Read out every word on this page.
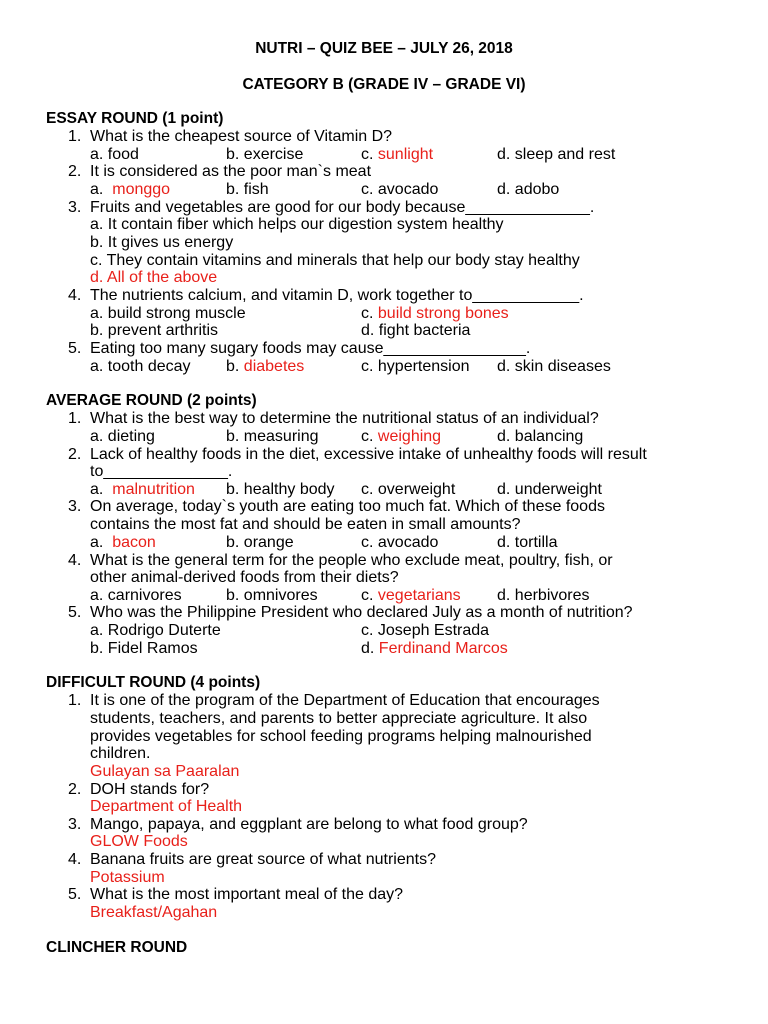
NUTRI – QUIZ BEE – JULY 26, 2018
CATEGORY B (GRADE IV – GRADE VI)
ESSAY ROUND (1 point)
1. What is the cheapest source of Vitamin D?
a. food	b. exercise	c. sunlight	d. sleep and rest
2. It is considered as the poor man`s meat
a. monggo	b. fish	c. avocado	d. adobo
3. Fruits and vegetables are good for our body because______________.
a. It contain fiber which helps our digestion system healthy
b. It gives us energy
c. They contain vitamins and minerals that help our body stay healthy
d. All of the above
4. The nutrients calcium, and vitamin D, work together to____________.
a. build strong muscle	c. build strong bones
b. prevent arthritis	d. fight bacteria
5. Eating too many sugary foods may cause________________.
a. tooth decay b. diabetes	c. hypertension d. skin diseases
AVERAGE ROUND (2 points)
1. What is the best way to determine the nutritional status of an individual?
a. dieting	b. measuring	c. weighing	d. balancing
2. Lack of healthy foods in the diet, excessive intake of unhealthy foods will result
to______________.
a. malnutrition b. healthy body c. overweight	d. underweight
3. On average, today`s youth are eating too much fat. Which of these foods
contains the most fat and should be eaten in small amounts?
a. bacon	b. orange	c. avocado	d. tortilla
4. What is the general term for the people who exclude meat, poultry, fish, or
other animal-derived foods from their diets?
a. carnivores	b. omnivores	c. vegetarians d. herbivores
5. Who was the Philippine President who declared July as a month of nutrition?
a. Rodrigo Duterte	c. Joseph Estrada
b. Fidel Ramos	d. Ferdinand Marcos
DIFFICULT ROUND (4 points)
1. It is one of the program of the Department of Education that encourages
students, teachers, and parents to better appreciate agriculture. It also
provides vegetables for school feeding programs helping malnourished
children.
Gulayan sa Paaralan
2. DOH stands for?
Department of Health
3. Mango, papaya, and eggplant are belong to what food group?
GLOW Foods
4. Banana fruits are great source of what nutrients?
Potassium
5. What is the most important meal of the day?
Breakfast/Agahan
CLINCHER ROUND
